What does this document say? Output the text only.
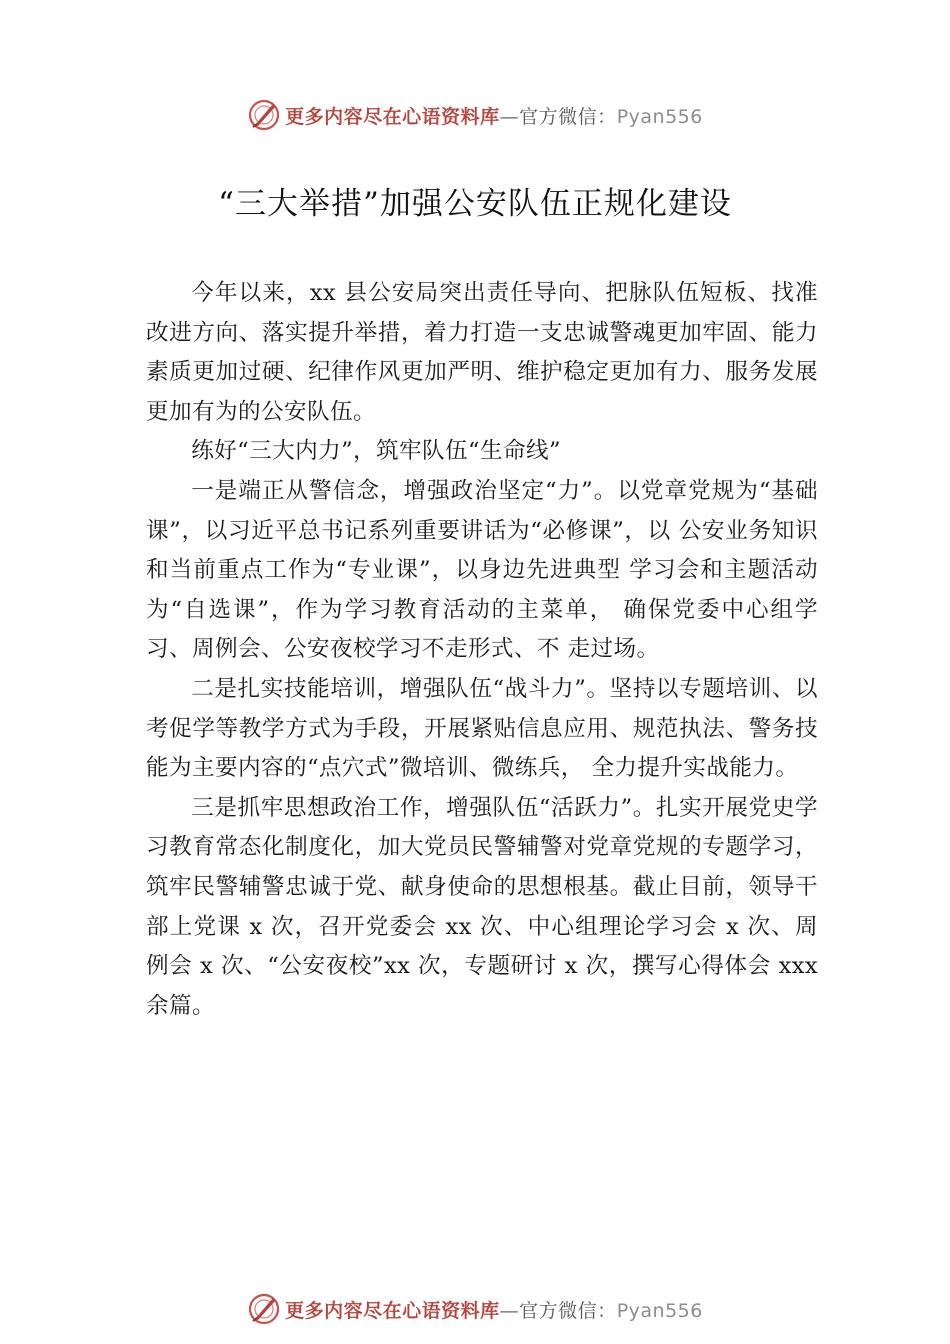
更多内容尽在心语资料库—官方微信：Pyan556
“三大举措”加强公安队伍正规化建设

今年以来，xx 县公安局突出责任导向、把脉队伍短板、找准改进方向、落实提升举措，着力打造一支忠诚警魂更加牢固、能力素质更加过硬、纪律作风更加严明、维护稳定更加有力、服务发展更加有为的公安队伍。

练好“三大内力”，筑牢队伍“生命线”

一是端正从警信念，增强政治坚定“力”。以党章党规为“基础课”，以习近平总书记系列重要讲话为“必修课”，以 公安业务知识和当前重点工作为“专业课”，以身边先进典型 学习会和主题活动为“自选课”，作为学习教育活动的主菜单， 确保党委中心组学习、周例会、公安夜校学习不走形式、不 走过场。

二是扎实技能培训，增强队伍“战斗力”。坚持以专题培训、以考促学等教学方式为手段，开展紧贴信息应用、规范执法、警务技能为主要内容的“点穴式”微培训、微练兵， 全力提升实战能力。

三是抓牢思想政治工作，增强队伍“活跃力”。扎实开展党史学习教育常态化制度化，加大党员民警辅警对党章党规的专题学习，筑牢民警辅警忠诚于党、献身使命的思想根基。截止目前，领导干部上党课 x 次，召开党委会 xx 次、中心组理论学习会 x 次、周例会 x 次、“公安夜校”xx 次，专题研讨 x 次，撰写心得体会 xxx 余篇。

更多内容尽在心语资料库—官方微信：Pyan556
